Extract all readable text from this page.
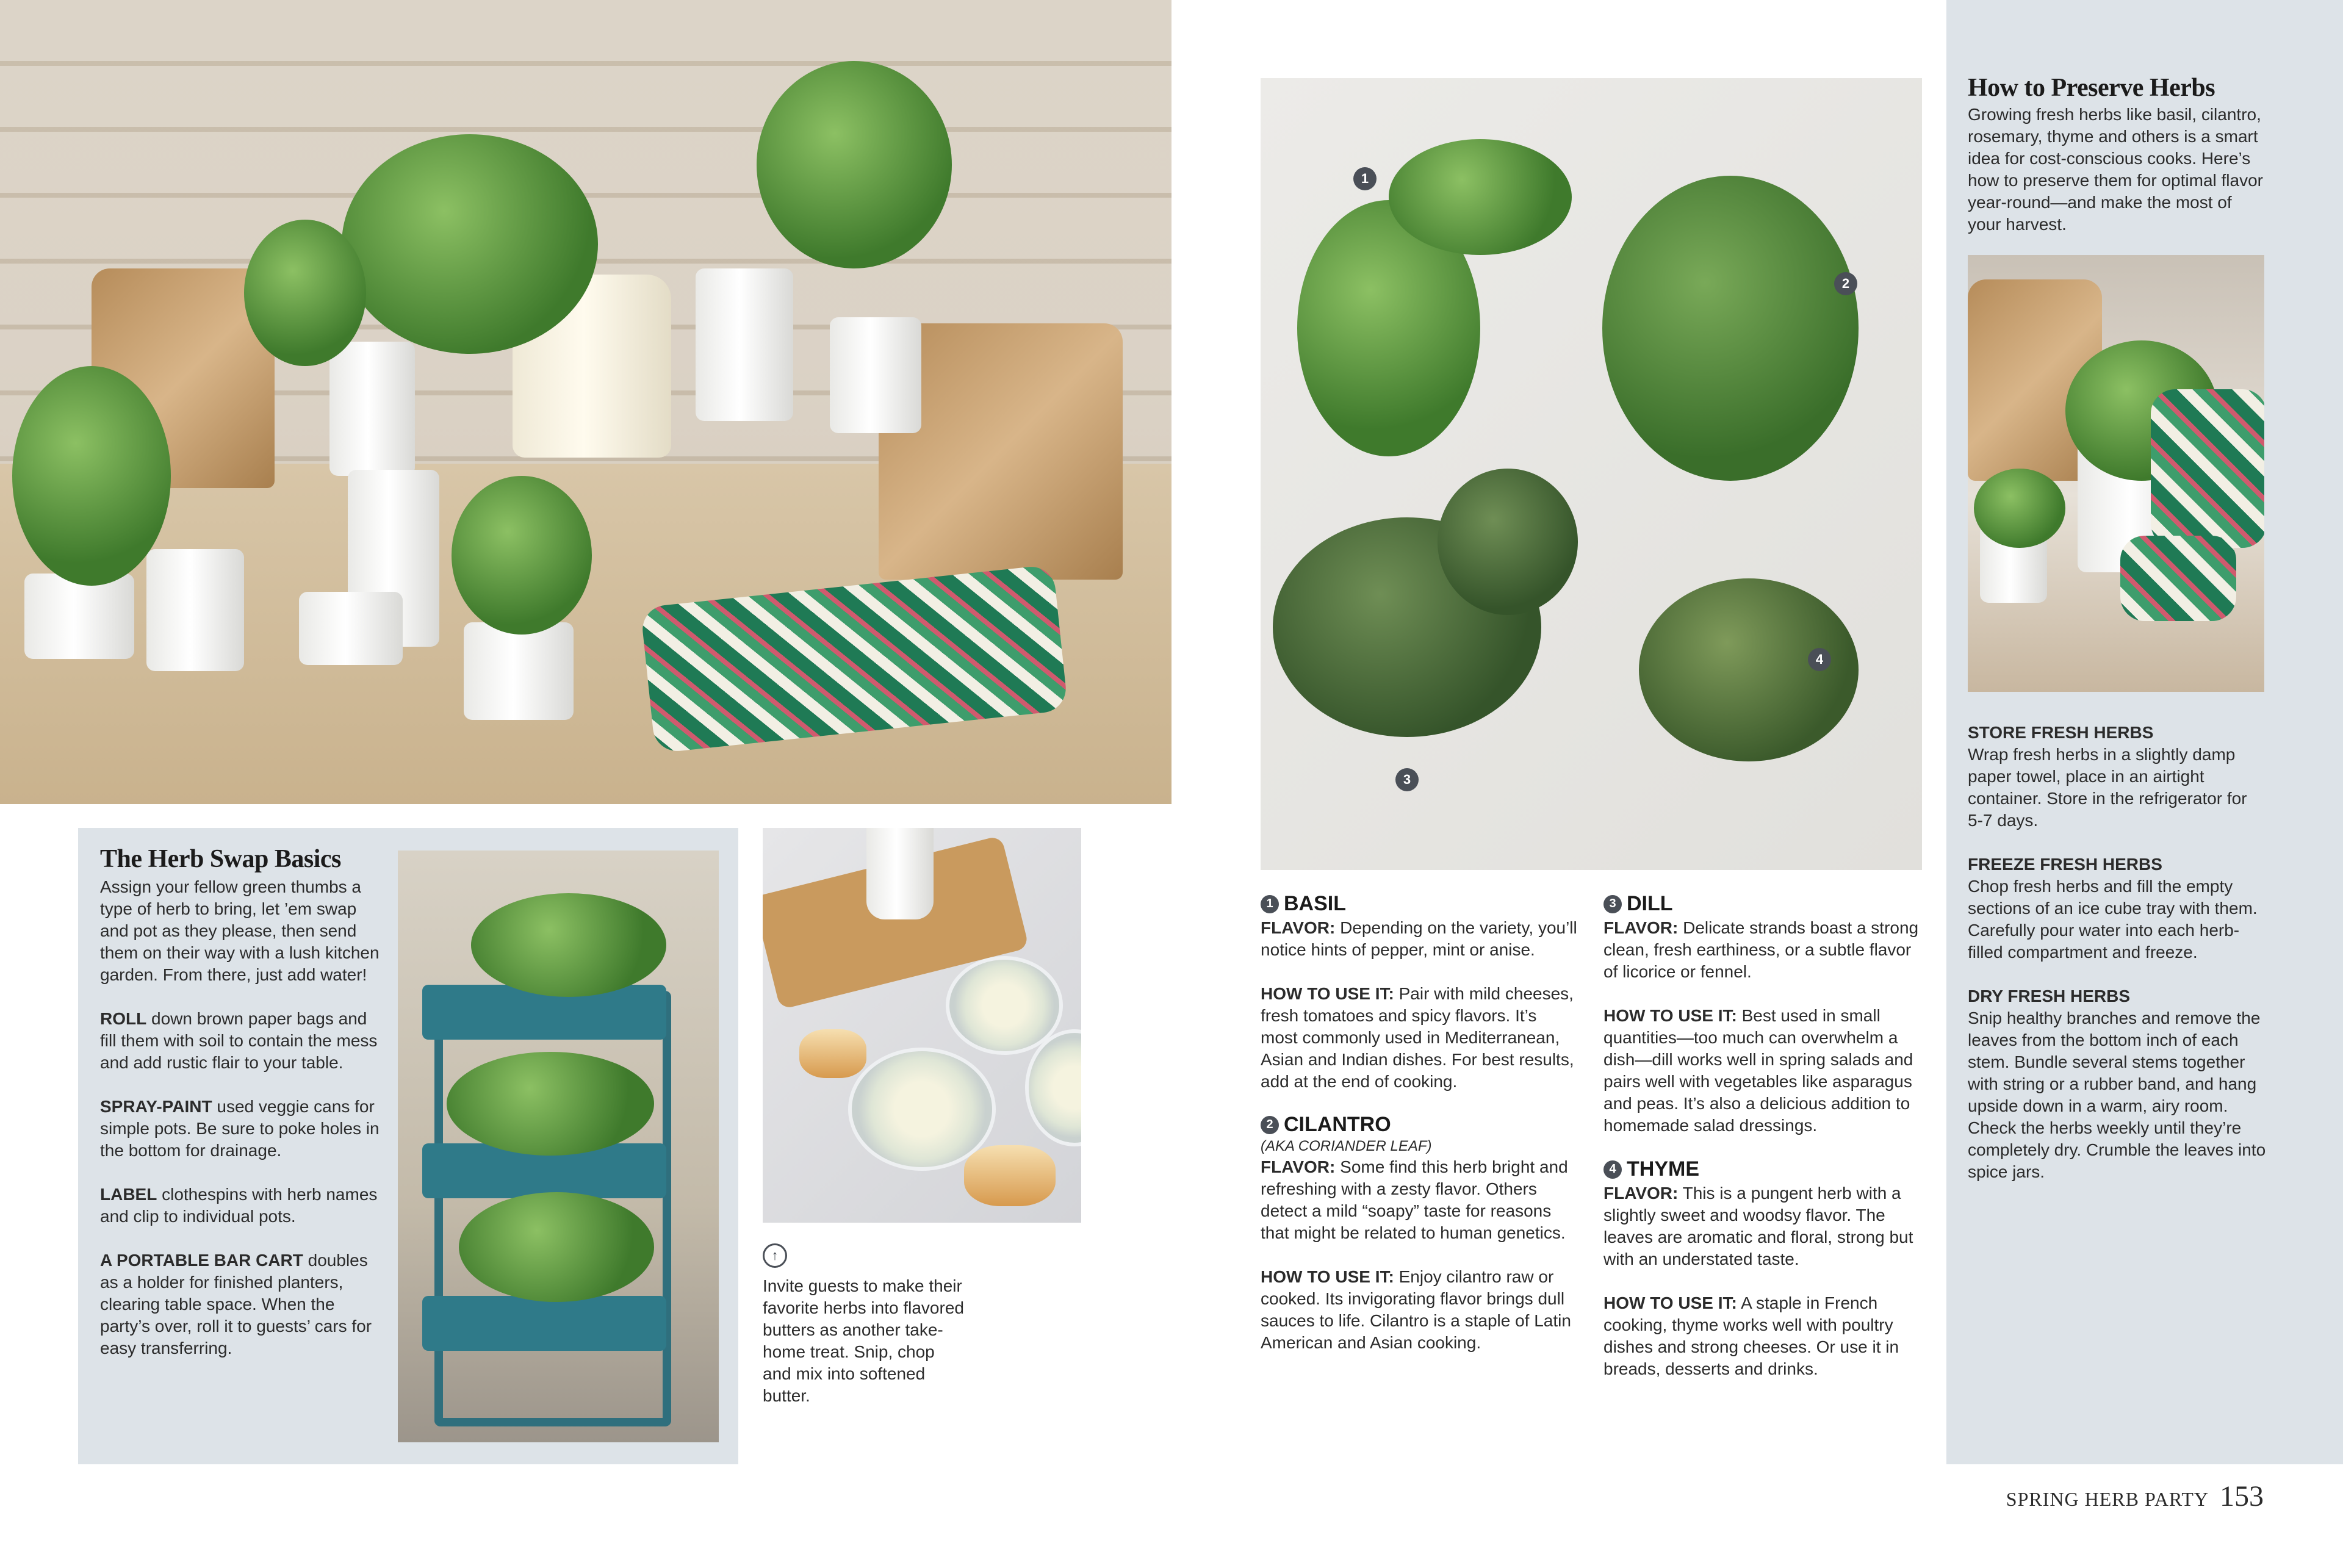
The Herb Swap Basics

Assign your fellow green thumbs a type of herb to bring, let ’em swap and pot as they please, then send them on their way with a lush kitchen garden. From there, just add water!

ROLL down brown paper bags and fill them with soil to contain the mess and add rustic flair to your table.

SPRAY-PAINT used veggie cans for simple pots. Be sure to poke holes in the bottom for drainage.

LABEL clothespins with herb names and clip to individual pots.

A PORTABLE BAR CART doubles as a holder for finished planters, clearing table space. When the party’s over, roll it to guests’ cars for easy transferring.

↑

Invite guests to make their favorite herbs into flavored butters as another take-home treat. Snip, chop and mix into softened butter.

1
2
3
4

1 BASIL

FLAVOR: Depending on the variety, you’ll notice hints of pepper, mint or anise.

HOW TO USE IT: Pair with mild cheeses, fresh tomatoes and spicy flavors. It’s most commonly used in Mediterranean, Asian and Indian dishes. For best results, add at the end of cooking.

2 CILANTRO

(AKA CORIANDER LEAF)

FLAVOR: Some find this herb bright and refreshing with a zesty flavor. Others detect a mild “soapy” taste for reasons that might be related to human genetics.

HOW TO USE IT: Enjoy cilantro raw or cooked. Its invigorating flavor brings dull sauces to life. Cilantro is a staple of Latin American and Asian cooking.

3 DILL

FLAVOR: Delicate strands boast a strong clean, fresh earthiness, or a subtle flavor of licorice or fennel.

HOW TO USE IT: Best used in small quantities—too much can overwhelm a dish—dill works well in spring salads and pairs well with vegetables like asparagus and peas. It’s also a delicious addition to homemade salad dressings.

4 THYME

FLAVOR: This is a pungent herb with a slightly sweet and woodsy flavor. The leaves are aromatic and floral, strong but with an understated taste.

HOW TO USE IT: A staple in French cooking, thyme works well with poultry dishes and strong cheeses. Or use it in breads, desserts and drinks.

How to Preserve Herbs

Growing fresh herbs like basil, cilantro, rosemary, thyme and others is a smart idea for cost-conscious cooks. Here’s how to preserve them for optimal flavor year-round—and make the most of your harvest.

STORE FRESH HERBS
Wrap fresh herbs in a slightly damp paper towel, place in an airtight container. Store in the refrigerator for 5-7 days.
FREEZE FRESH HERBS
Chop fresh herbs and fill the empty sections of an ice cube tray with them. Carefully pour water into each herb-filled compartment and freeze.
DRY FRESH HERBS
Snip healthy branches and remove the leaves from the bottom inch of each stem. Bundle several stems together with string or a rubber band, and hang upside down in a warm, airy room. Check the herbs weekly until they’re completely dry. Crumble the leaves into spice jars.
SPRING HERB PARTY 153
